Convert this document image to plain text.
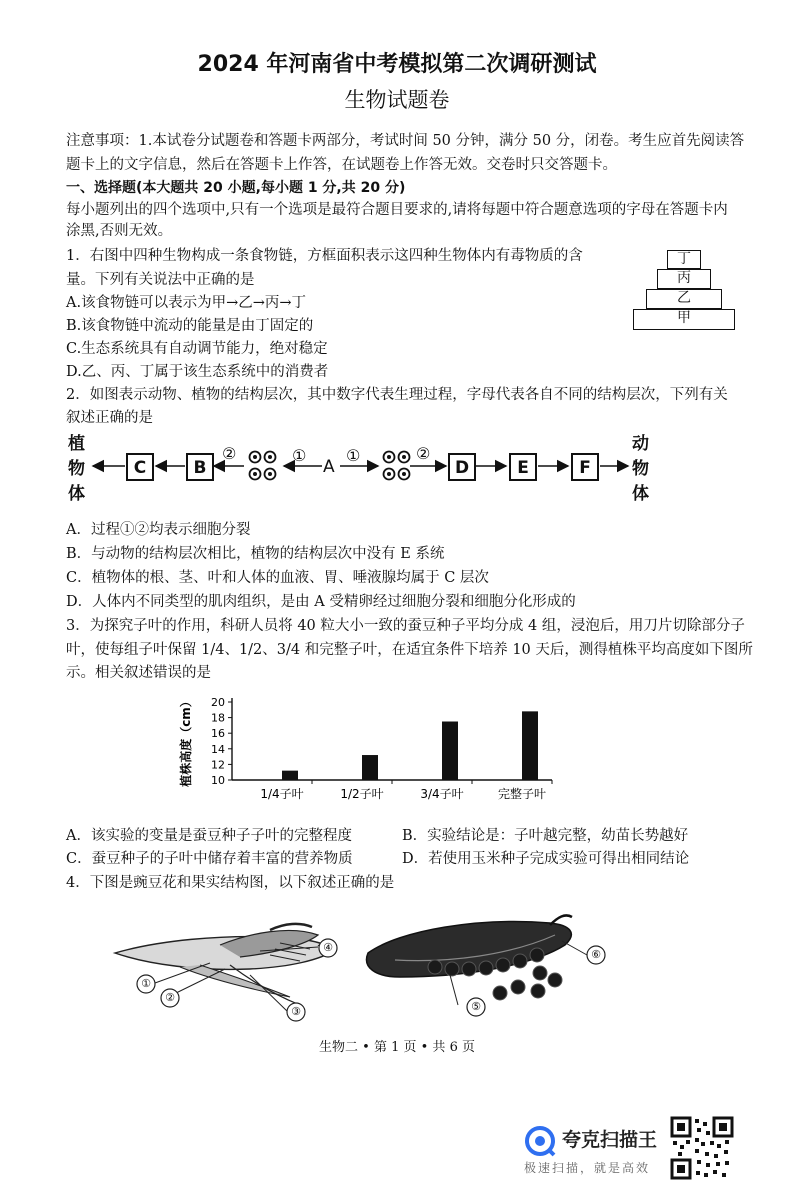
2024 年河南省中考模拟第二次调研测试
生物试题卷
注意事项：1.本试卷分试题卷和答题卡两部分，考试时间 50 分钟，满分 50 分，闭卷。考生应首先阅读答
题卡上的文字信息，然后在答题卡上作答，在试题卷上作答无效。交卷时只交答题卡。
一、选择题(本大题共 20 小题,每小题 1 分,共 20 分)
每小题列出的四个选项中,只有一个选项是最符合题目要求的,请将每题中符合题意选项的字母在答题卡内
涂黑,否则无效。
1．右图中四种生物构成一条食物链，方框面积表示这四种生物体内有毒物质的含
量。下列有关说法中正确的是
A.该食物链可以表示为甲→乙→丙→丁
B.该食物链中流动的能量是由丁固定的
C.生态系统具有自动调节能力，绝对稳定
D.乙、丙、丁属于该生态系统中的消费者
丁
丙
乙
甲
2．如图表示动物、植物的结构层次，其中数字代表生理过程，字母代表各自不同的结构层次，下列有关
叙述正确的是
植
物
体
动
物
体
C	B	D	E	F
A
②	① ①	②
A．过程①②均表示细胞分裂
B．与动物的结构层次相比，植物的结构层次中没有 E 系统
C．植物体的根、茎、叶和人体的血液、胃、唾液腺均属于 C 层次
D．人体内不同类型的肌肉组织，是由 A 受精卵经过细胞分裂和细胞分化形成的
3．为探究子叶的作用，科研人员将 40 粒大小一致的蚕豆种子平均分成 4 组，浸泡后，用刀片切除部分子
叶，使每组子叶保留 1/4、1/2、3/4 和完整子叶，在适宜条件下培养 10 天后，测得植株平均高度如下图所
示。相关叙述错误的是
10
12
14
16
18
20
植株高度（cm）
1/4子叶	1/2子叶	3/4子叶	完整子叶
A．该实验的变量是蚕豆种子子叶的完整程度	B．实验结论是：子叶越完整，幼苗长势越好
C．蚕豆种子的子叶中储存着丰富的营养物质	D．若使用玉米种子完成实验可得出相同结论
4．下图是豌豆花和果实结构图，以下叙述正确的是
①
②
③
④
⑤
⑥
生物二 • 第 1 页 • 共 6 页
夸克扫描王
极速扫描，就是高效
